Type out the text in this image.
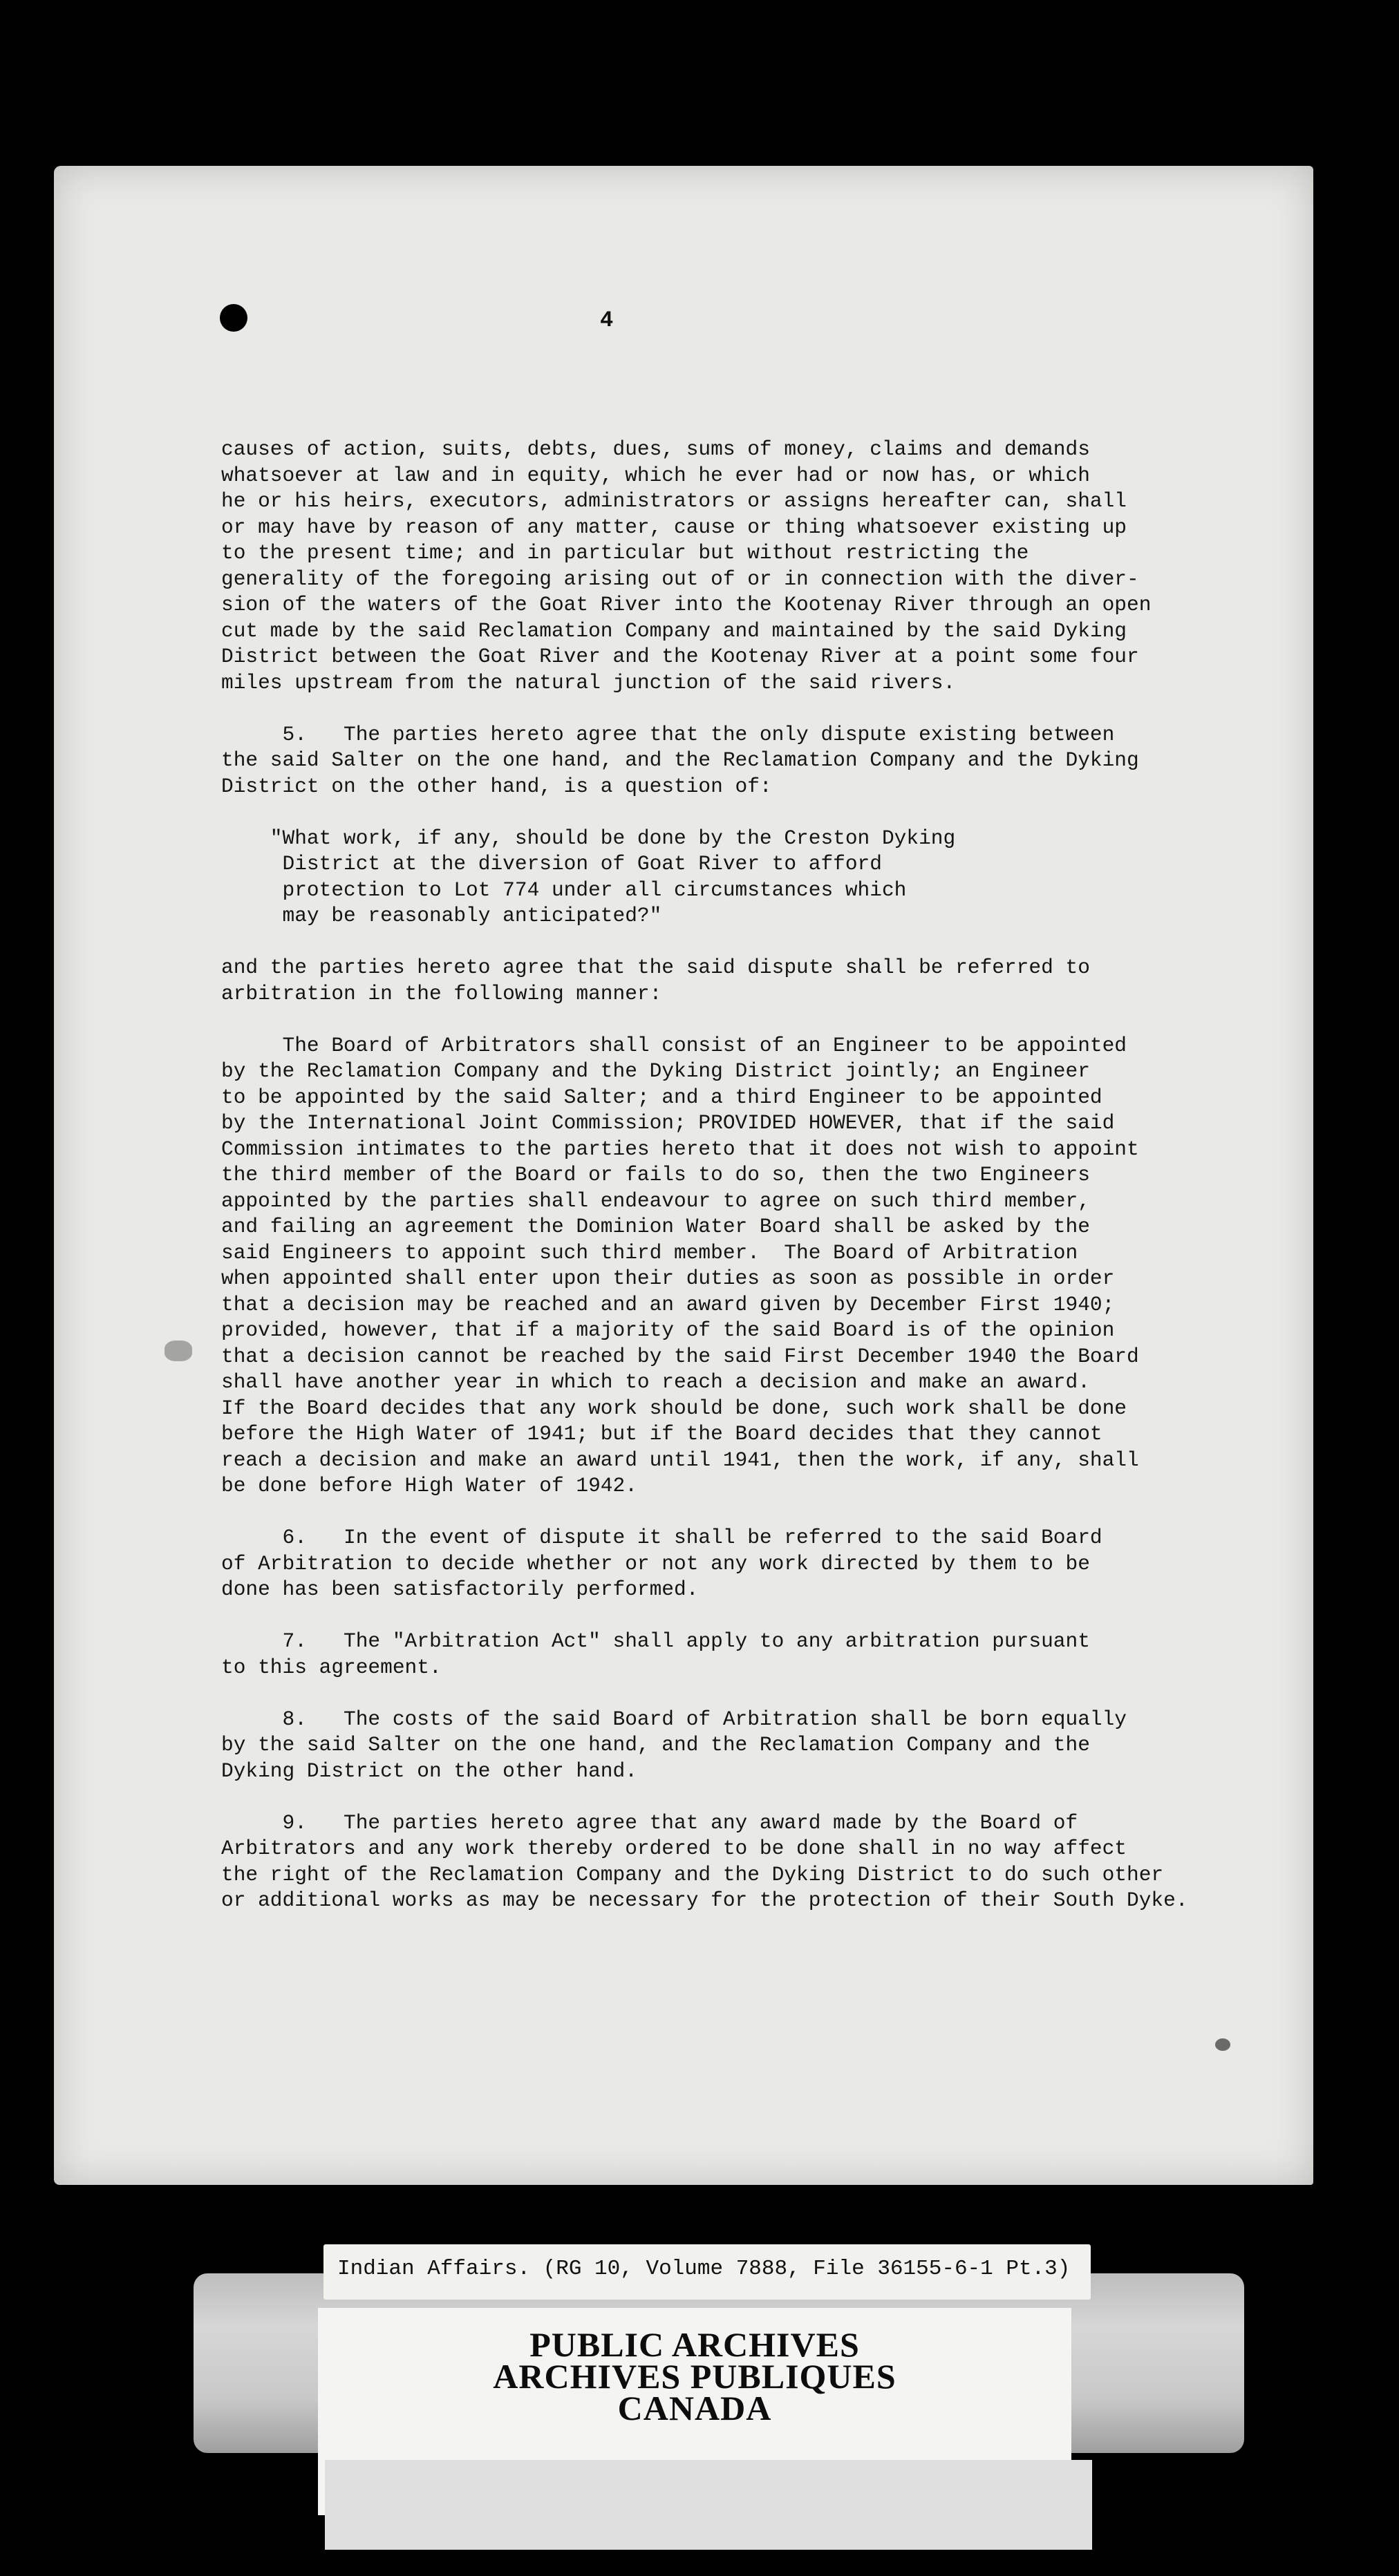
4
causes of action, suits, debts, dues, sums of money, claims and demands
whatsoever at law and in equity, which he ever had or now has, or which
he or his heirs, executors, administrators or assigns hereafter can, shall
or may have by reason of any matter, cause or thing whatsoever existing up
to the present time; and in particular but without restricting the
generality of the foregoing arising out of or in connection with the diver-
sion of the waters of the Goat River into the Kootenay River through an open
cut made by the said Reclamation Company and maintained by the said Dyking
District between the Goat River and the Kootenay River at a point some four
miles upstream from the natural junction of the said rivers.
5.   The parties hereto agree that the only dispute existing between
the said Salter on the one hand, and the Reclamation Company and the Dyking
District on the other hand, is a question of:
"What work, if any, should be done by the Creston Dyking
District at the diversion of Goat River to afford
protection to Lot 774 under all circumstances which
may be reasonably anticipated?"
and the parties hereto agree that the said dispute shall be referred to
arbitration in the following manner:
The Board of Arbitrators shall consist of an Engineer to be appointed
by the Reclamation Company and the Dyking District jointly; an Engineer
to be appointed by the said Salter; and a third Engineer to be appointed
by the International Joint Commission; PROVIDED HOWEVER, that if the said
Commission intimates to the parties hereto that it does not wish to appoint
the third member of the Board or fails to do so, then the two Engineers
appointed by the parties shall endeavour to agree on such third member,
and failing an agreement the Dominion Water Board shall be asked by the
said Engineers to appoint such third member.  The Board of Arbitration
when appointed shall enter upon their duties as soon as possible in order
that a decision may be reached and an award given by December First 1940;
provided, however, that if a majority of the said Board is of the opinion
that a decision cannot be reached by the said First December 1940 the Board
shall have another year in which to reach a decision and make an award.
If the Board decides that any work should be done, such work shall be done
before the High Water of 1941; but if the Board decides that they cannot
reach a decision and make an award until 1941, then the work, if any, shall
be done before High Water of 1942.
6.   In the event of dispute it shall be referred to the said Board
of Arbitration to decide whether or not any work directed by them to be
done has been satisfactorily performed.
7.   The "Arbitration Act" shall apply to any arbitration pursuant
to this agreement.
8.   The costs of the said Board of Arbitration shall be born equally
by the said Salter on the one hand, and the Reclamation Company and the
Dyking District on the other hand.
9.   The parties hereto agree that any award made by the Board of
Arbitrators and any work thereby ordered to be done shall in no way affect
the right of the Reclamation Company and the Dyking District to do such other
or additional works as may be necessary for the protection of their South Dyke.
Indian Affairs. (RG 10, Volume 7888, File 36155-6-1 Pt.3)
PUBLIC ARCHIVES
ARCHIVES PUBLIQUES
CANADA
